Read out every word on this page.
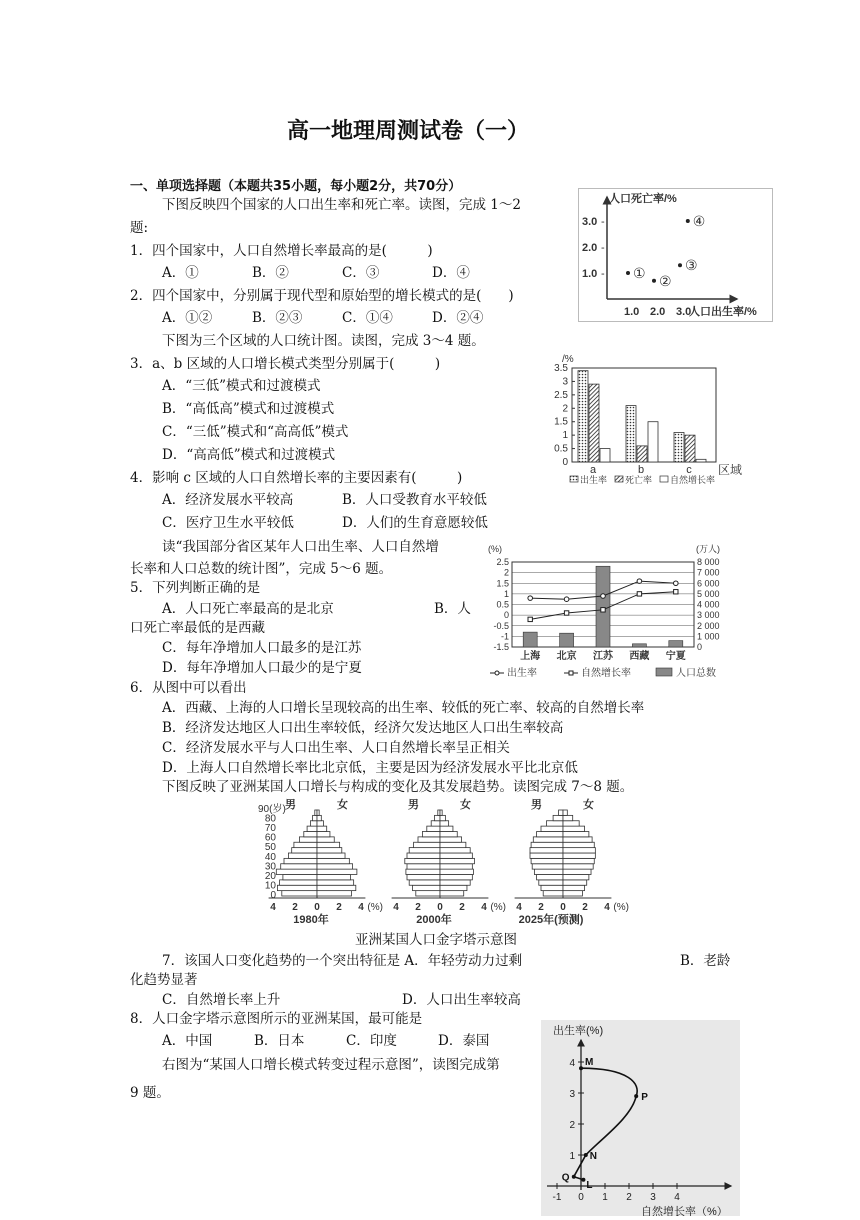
高一地理周测试卷（一）
一、单项选择题（本题共35小题，每小题2分，共70分）
下图反映四个国家的人口出生率和死亡率。读图，完成 1～2
题:
1．四个国家中，人口自然增长率最高的是(　　　)
A．①	B．②	C．③	D．④
2．四个国家中，分别属于现代型和原始型的增长模式的是(　　)
A．①②	B．②③	C．①④	D．②④
下图为三个区域的人口统计图。读图，完成 3～4 题。
3．a、b 区域的人口增长模式类型分别属于(　　　)
A．“三低”模式和过渡模式
B．“高低高”模式和过渡模式
C．“三低”模式和“高高低”模式
D．“高高低”模式和过渡模式
4．影响 c 区域的人口自然增长率的主要因素有(　　　)
A．经济发展水平较高	B．人口受教育水平较低
C．医疗卫生水平较低	D．人们的生育意愿较低
读“我国部分省区某年人口出生率、人口自然增
长率和人口总数的统计图”，完成 5～6 题。
5．下列判断正确的是
A．人口死亡率最高的是北京	B．人
口死亡率最低的是西藏
C．每年净增加人口最多的是江苏
D．每年净增加人口最少的是宁夏
6．从图中可以看出
A．西藏、上海的人口增长呈现较高的出生率、较低的死亡率、较高的自然增长率
B．经济发达地区人口出生率较低，经济欠发达地区人口出生率较高
C．经济发展水平与人口出生率、人口自然增长率呈正相关
D．上海人口自然增长率比北京低，主要是因为经济发展水平比北京低
下图反映了亚洲某国人口增长与构成的变化及其发展趋势。读图完成 7～8 题。
亚洲某国人口金字塔示意图
7．该国人口变化趋势的一个突出特征是 A．年轻劳动力过剩	B．老龄
化趋势显著
C．自然增长率上升	D．人口出生率较高
8．人口金字塔示意图所示的亚洲某国，最可能是
A．中国	B．日本	C．印度	D．泰国
右图为“某国人口增长模式转变过程示意图”，读图完成第
9 题。
人口死亡率/%
人口出生率/%
1.0 -
2.0 -
3.0 -
1.0 2.0 3.0
① ②
③
④
/%
0
0.5
1
1.5
2
2.5
3
3.5
a	b	c 区域
出生率 死亡率 自然增长率
(%)	(万人)
2.5
2
1.5
1
0.5
0
-0.5
-1
-1.5
8 000
7 000
6 000
5 000
4 000
3 000
2 000
1 000
0
上海 北京 江苏 西藏 宁夏
出生率	自然增长率	人口总数
90(岁)
80
70
60
50
40
30
20
10
0
男	女
4 2 0 2 4 (%)
1980年
男	女
4 2 0 2 4 (%)
2000年
男	女
4 2 0 2 4 (%)
2025年(预测)
出生率(%)
1
2
3
4
-1 0 1 2 3 4
自然增长率（%）
M
P
N
Q
L
